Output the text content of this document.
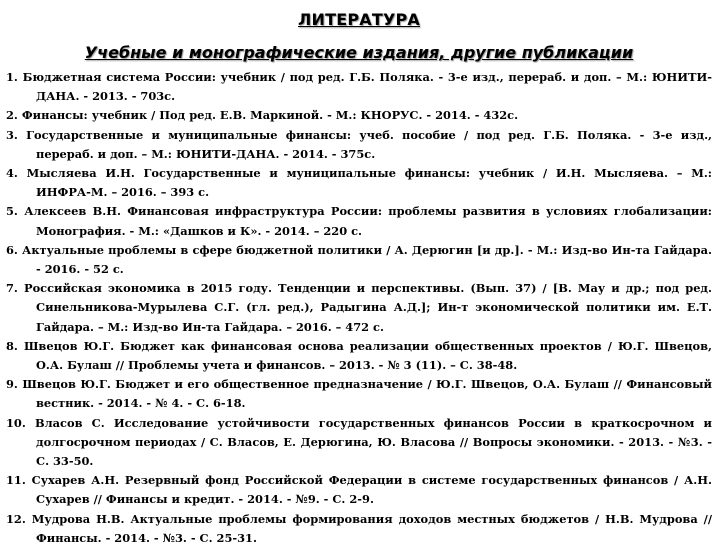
ЛИТЕРАТУРА
Учебные и монографические издания, другие публикации
1. Бюджетная система России: учебник / под ред. Г.Б. Поляка. - 3-е изд., перераб. и доп. – М.: ЮНИТИ-ДАНА. - 2013. - 703с.
2. Финансы: учебник / Под ред. Е.В. Маркиной. - М.: КНОРУС. - 2014. - 432с.
3. Государственные и муниципальные финансы: учеб. пособие / под ред. Г.Б. Поляка. - 3-е изд., перераб. и доп. – М.: ЮНИТИ-ДАНА. - 2014. - 375с.
4. Мысляева И.Н. Государственные и муниципальные финансы: учебник / И.Н. Мысляева. – М.: ИНФРА-М. – 2016. – 393 с.
5. Алексеев В.Н. Финансовая инфраструктура России: проблемы развития в условиях глобализации: Монография. - М.: «Дашков и К». - 2014. – 220 с.
6. Актуальные проблемы в сфере бюджетной политики / А. Дерюгин [и др.]. - М.: Изд-во Ин-та Гайдара. - 2016. - 52 с.
7. Российская экономика в 2015 году. Тенденции и перспективы. (Вып. 37) / [В. Мау и др.; под ред. Синельникова-Мурылева С.Г. (гл. ред.), Радыгина А.Д.]; Ин-т экономической политики им. Е.Т. Гайдара. – М.: Изд-во Ин-та Гайдара. – 2016. – 472 с.
8. Швецов Ю.Г. Бюджет как финансовая основа реализации общественных проектов / Ю.Г. Швецов, О.А. Булаш // Проблемы учета и финансов. – 2013. - № 3 (11). – С. 38-48.
9. Швецов Ю.Г. Бюджет и его общественное предназначение / Ю.Г. Швецов, О.А. Булаш // Финансовый вестник. - 2014. - № 4. - С. 6-18.
10. Власов С. Исследование устойчивости государственных финансов России в краткосрочном и долгосрочном периодах / С. Власов, Е. Дерюгина, Ю. Власова // Вопросы экономики. - 2013. - №3. - С. 33-50.
11. Сухарев А.Н. Резервный фонд Российской Федерации в системе государственных финансов / А.Н. Сухарев // Финансы и кредит. - 2014. - №9. - С. 2-9.
12. Мудрова Н.В. Актуальные проблемы формирования доходов местных бюджетов / Н.В. Мудрова // Финансы. - 2014. - №3. - С. 25-31.
